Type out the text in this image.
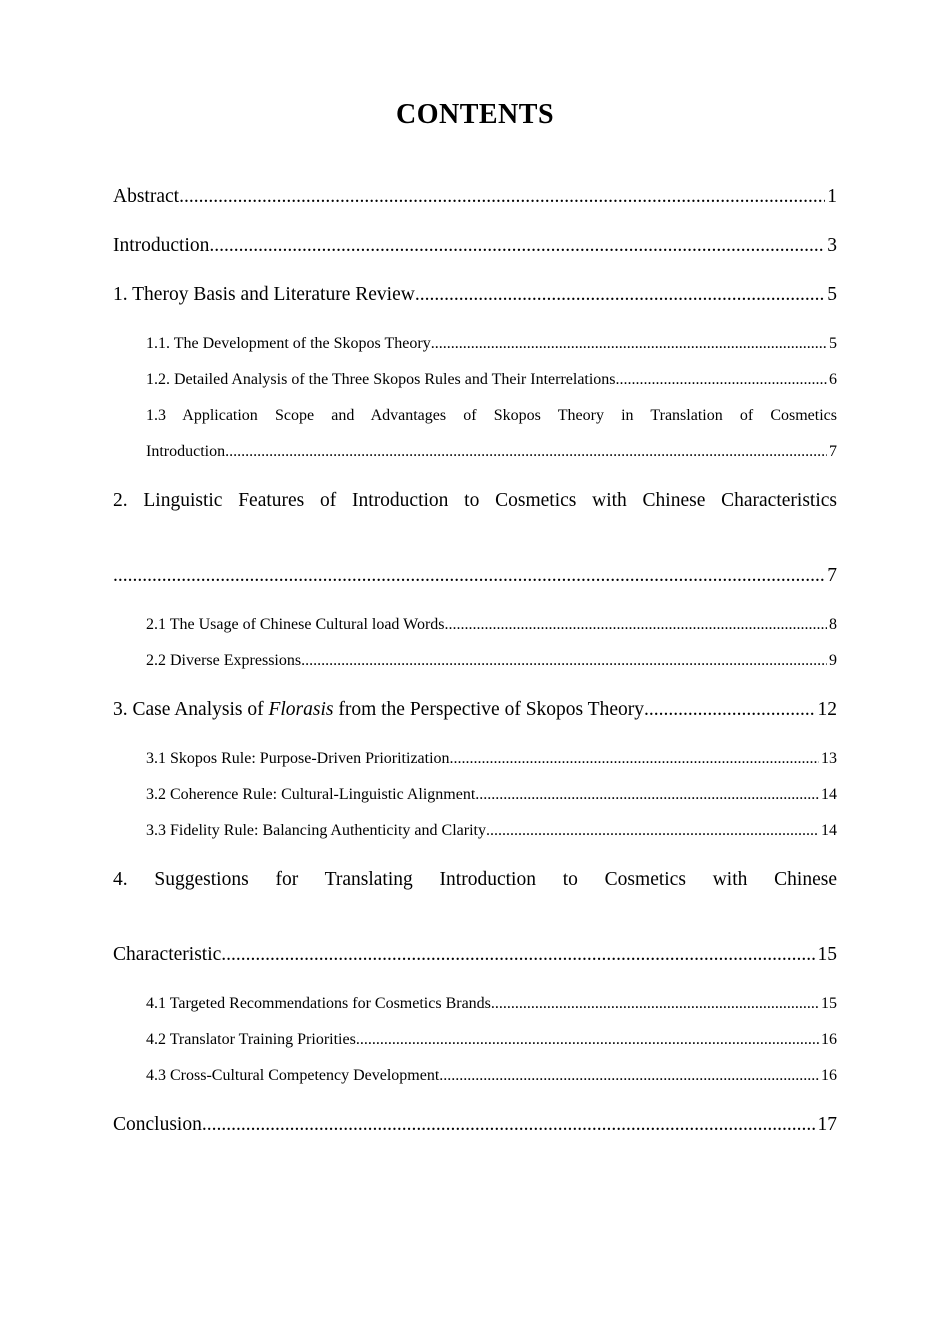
CONTENTS
Abstract .....	1
Introduction .....	3
1. Theroy Basis and Literature Review .....	5
1.1. The Development of the Skopos Theory .....	5
1.2. Detailed Analysis of the Three Skopos Rules and Their Interrelations .....	6
1.3 Application Scope and Advantages of Skopos Theory in Translation of Cosmetics
Introduction .....	7
2. Linguistic Features of Introduction to Cosmetics with Chinese Characteristics
.....
7
2.1 The Usage of Chinese Cultural load Words .....	8
2.2 Diverse Expressions .....	9
3. Case Analysis of Florasis from the Perspective of Skopos Theory .....	12
3.1 Skopos Rule: Purpose-Driven Prioritization .....	13
3.2 Coherence Rule: Cultural-Linguistic Alignment .....	14
3.3 Fidelity Rule: Balancing Authenticity and Clarity .....	14
4. Suggestions for Translating Introduction to Cosmetics with Chinese
Characteristic .....	15
4.1 Targeted Recommendations for Cosmetics Brands .....	15
4.2 Translator Training Priorities .....	16
4.3 Cross-Cultural Competency Development .....	16
Conclusion .....	17
